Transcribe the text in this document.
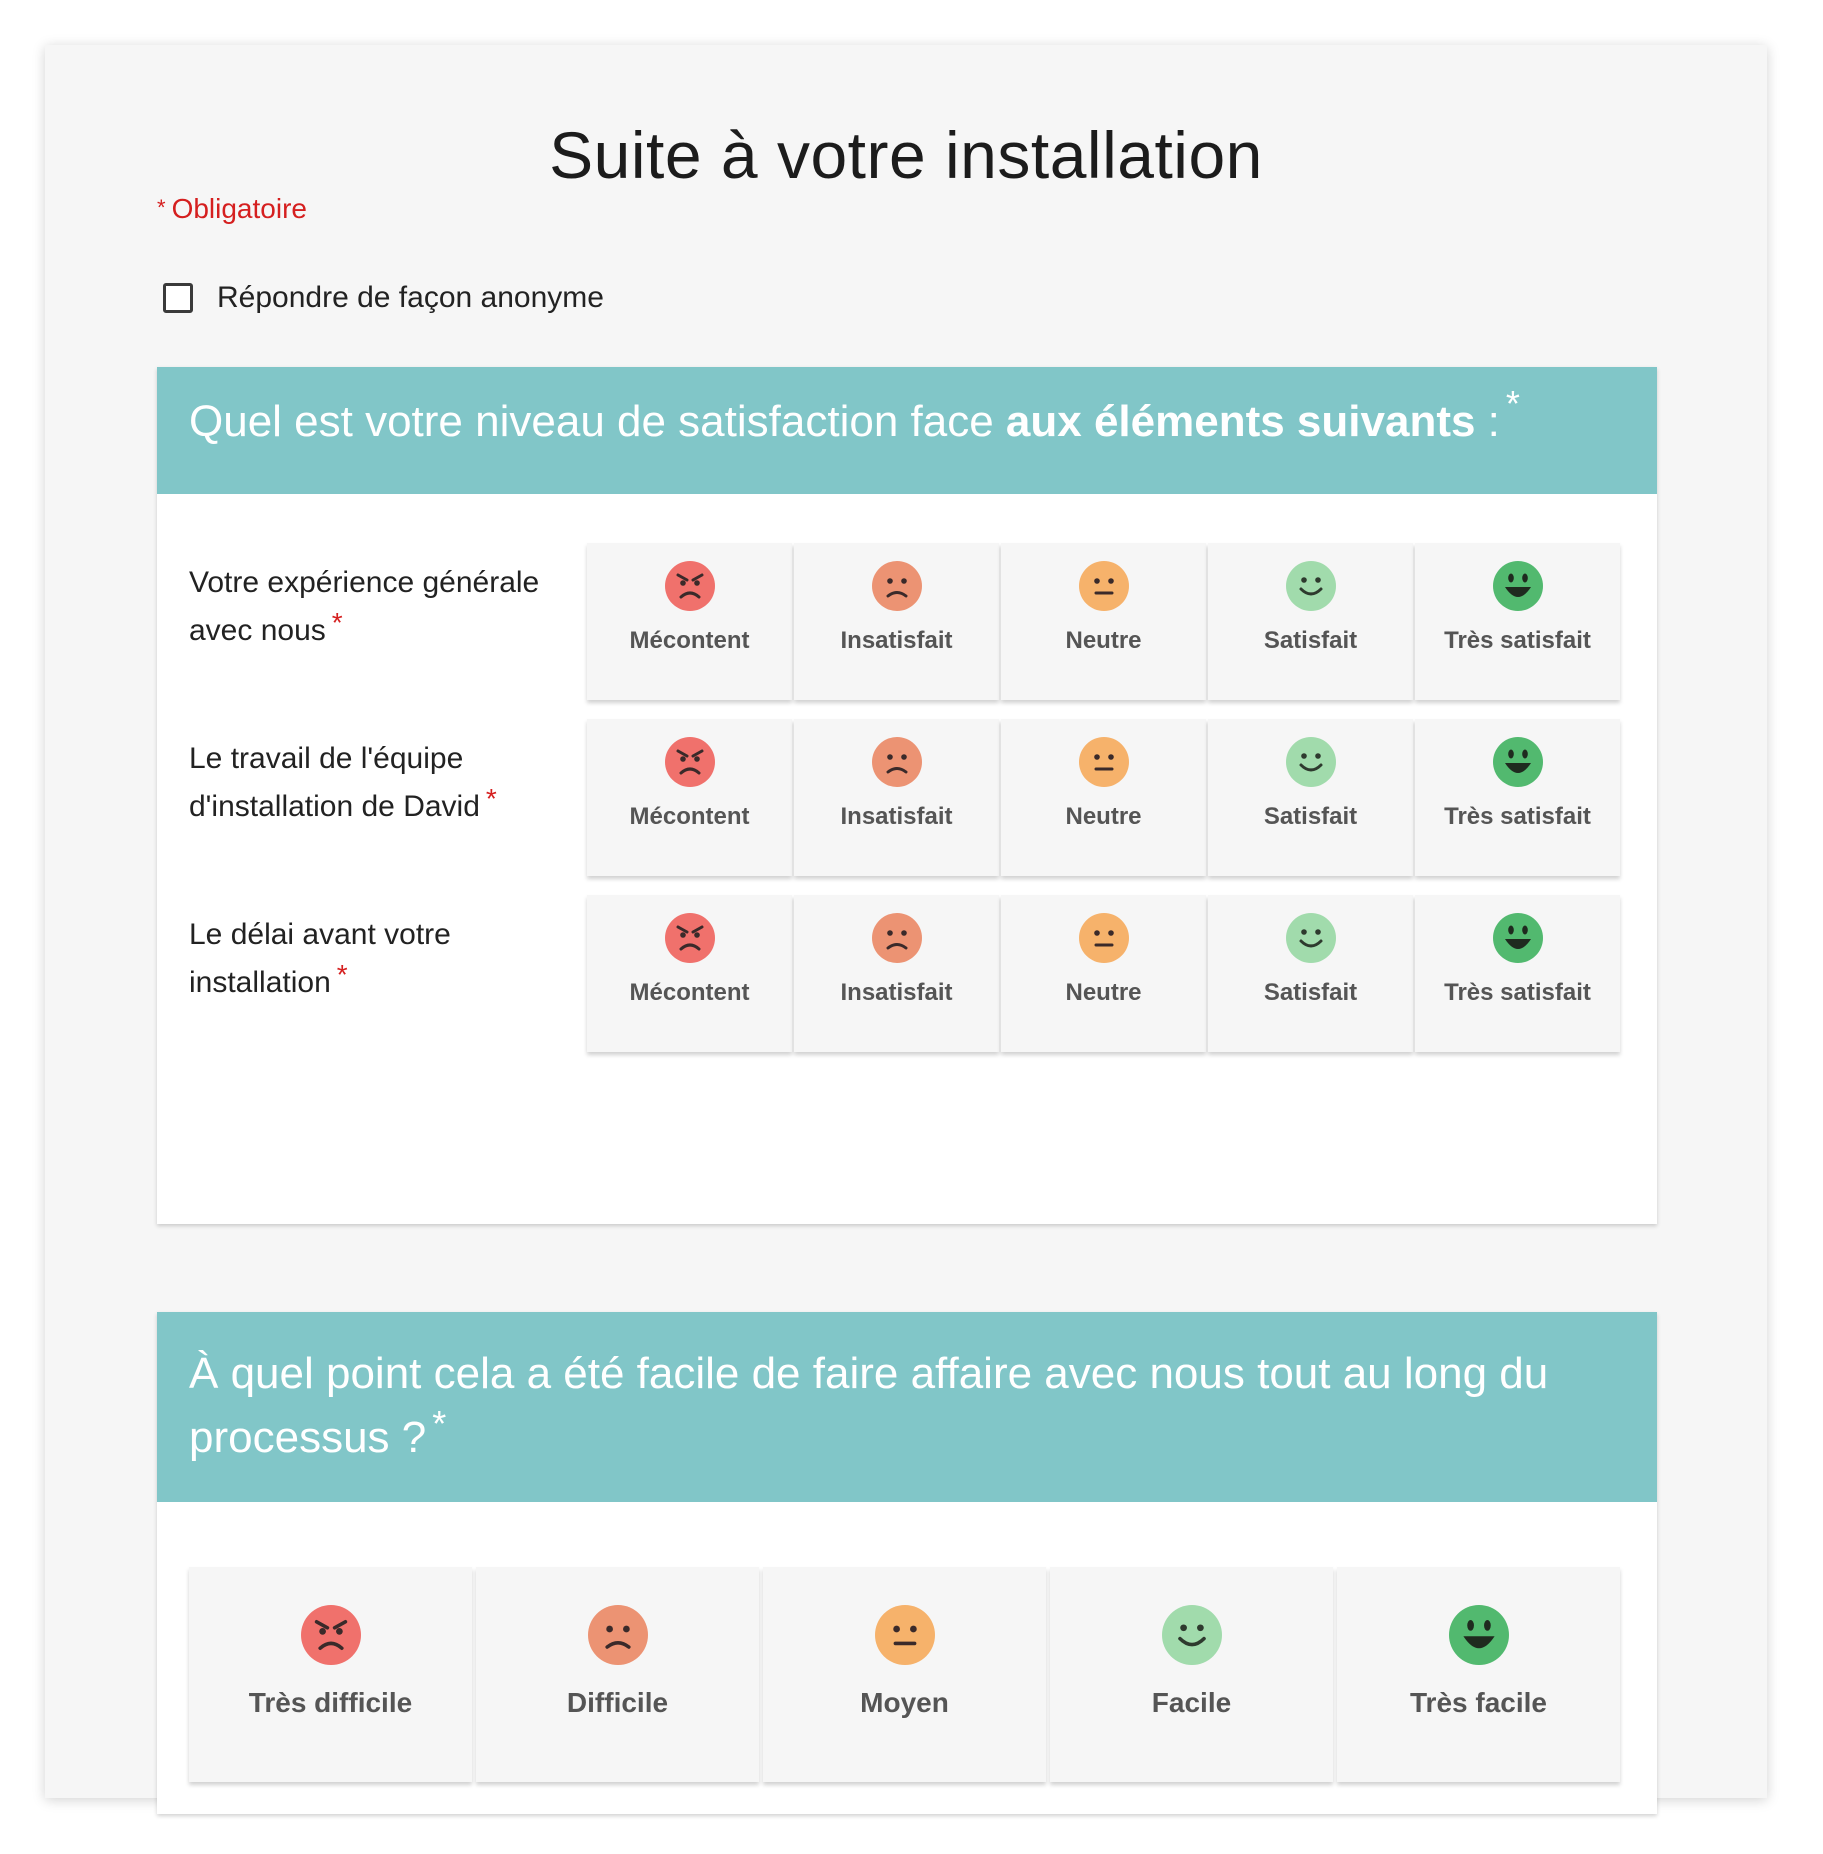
Suite à votre installation
* Obligatoire
Répondre de façon anonyme
Quel est votre niveau de satisfaction face aux éléments suivants : *
Votre expérience générale avec nous *
Mécontent	Insatisfait	Neutre	Satisfait	Très satisfait
Le travail de l'équipe d'installation de David *
Mécontent	Insatisfait	Neutre	Satisfait	Très satisfait
Le délai avant votre installation *
Mécontent	Insatisfait	Neutre	Satisfait	Très satisfait
À quel point cela a été facile de faire affaire avec nous tout au long du processus ? *
Très difficile	Difficile	Moyen	Facile	Très facile
